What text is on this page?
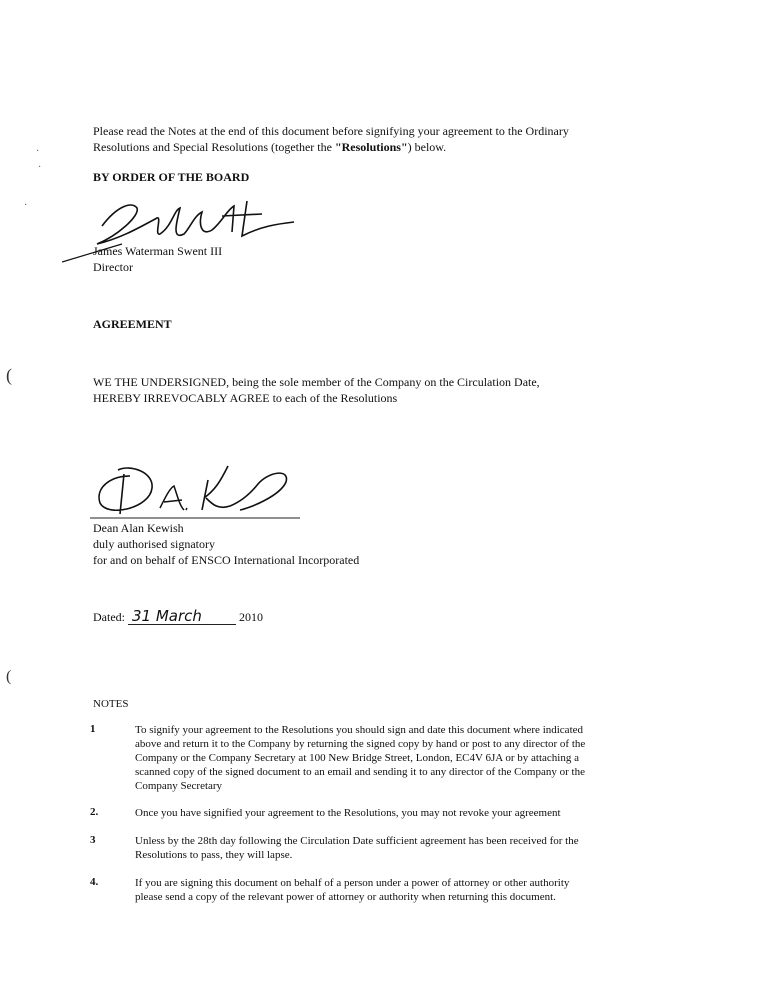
·
·
·
(
(
Please read the Notes at the end of this document before signifying your agreement to the Ordinary
Resolutions and Special Resolutions (together the "Resolutions") below.
BY ORDER OF THE BOARD
James Waterman Swent III
Director
AGREEMENT
WE THE UNDERSIGNED, being the sole member of the Company on the Circulation Date,
HEREBY IRREVOCABLY AGREE to each of the Resolutions
Dean Alan Kewish
duly authorised signatory
for and on behalf of ENSCO International Incorporated
Dated: 31 March	2010
NOTES
1	To signify your agreement to the Resolutions you should sign and date this document where indicated
above and return it to the Company by returning the signed copy by hand or post to any director of the
Company or the Company Secretary at 100 New Bridge Street, London, EC4V 6JA or by attaching a
scanned copy of the signed document to an email and sending it to any director of the Company or the
Company Secretary
2.	Once you have signified your agreement to the Resolutions, you may not revoke your agreement
3	Unless by the 28th day following the Circulation Date sufficient agreement has been received for the
Resolutions to pass, they will lapse.
4.	If you are signing this document on behalf of a person under a power of attorney or other authority
please send a copy of the relevant power of attorney or authority when returning this document.
